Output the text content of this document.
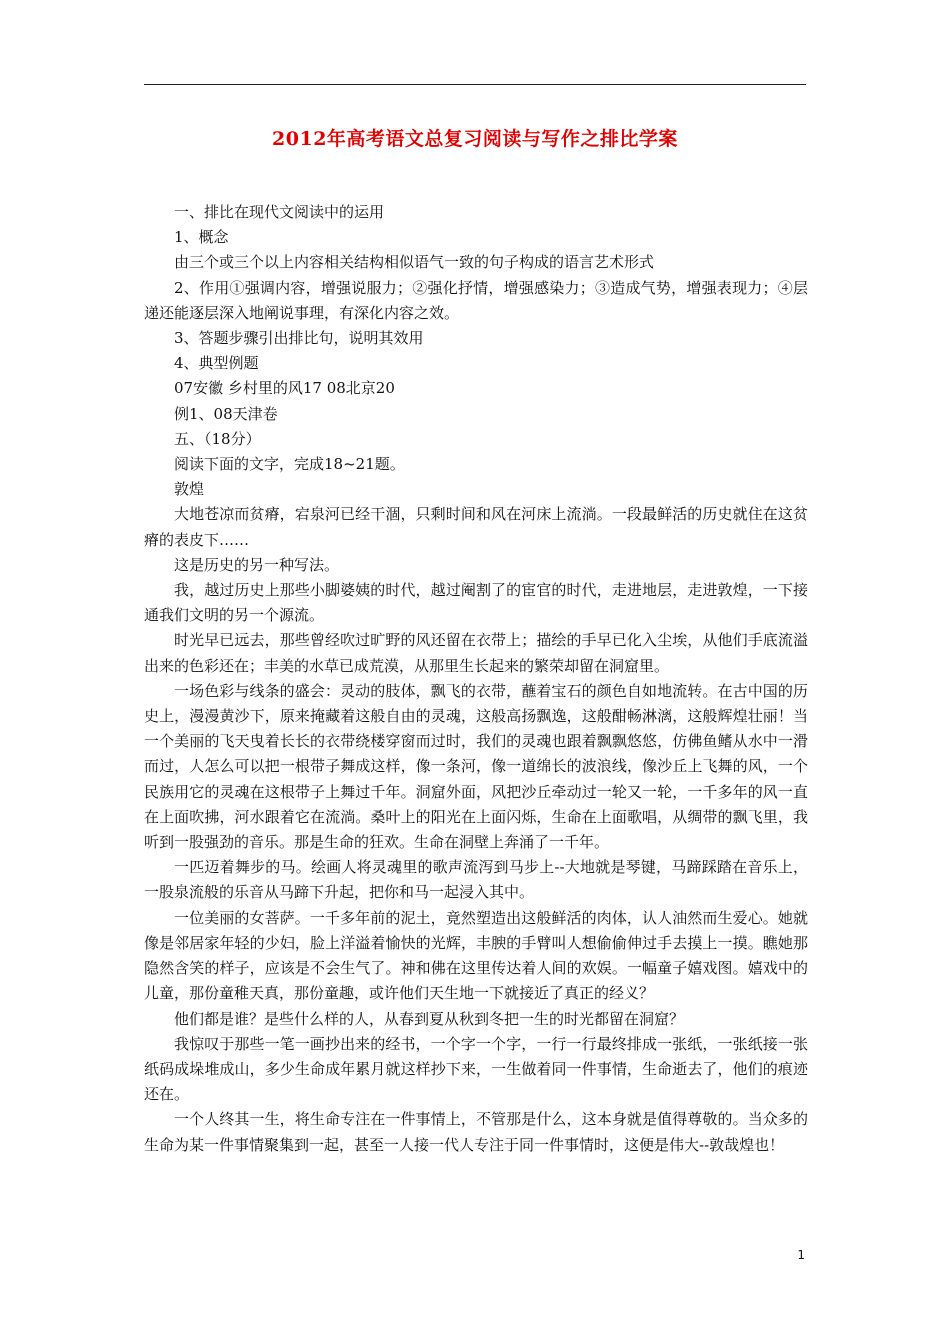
2012年高考语文总复习阅读与写作之排比学案

一、排比在现代文阅读中的运用

1、概念

由三个或三个以上内容相关结构相似语气一致的句子构成的语言艺术形式

2、作用①强调内容，增强说服力；②强化抒情，增强感染力；③造成气势，增强表现力；④层递还能逐层深入地阐说事理，有深化内容之效。

3、答题步骤引出排比句，说明其效用

4、典型例题

07安徽 乡村里的风17 08北京20

例1、08天津卷

五、（18分）

阅读下面的文字，完成18~21题。

敦煌

大地苍凉而贫瘠，宕泉河已经干涸，只剩时间和风在河床上流淌。一段最鲜活的历史就住在这贫瘠的表皮下……

这是历史的另一种写法。

我，越过历史上那些小脚婆姨的时代，越过阉割了的宦官的时代，走进地层，走进敦煌，一下接通我们文明的另一个源流。

时光早已远去，那些曾经吹过旷野的风还留在衣带上；描绘的手早已化入尘埃，从他们手底流溢出来的色彩还在；丰美的水草已成荒漠，从那里生长起来的繁荣却留在洞窟里。

一场色彩与线条的盛会：灵动的肢体，飘飞的衣带，蘸着宝石的颜色自如地流转。在古中国的历史上，漫漫黄沙下，原来掩藏着这般自由的灵魂，这般高扬飘逸，这般酣畅淋漓，这般辉煌壮丽！当一个美丽的飞天曳着长长的衣带绕楼穿窗而过时，我们的灵魂也跟着飘飘悠悠，仿佛鱼鳍从水中一滑而过，人怎么可以把一根带子舞成这样，像一条河，像一道绵长的波浪线，像沙丘上飞舞的风，一个民族用它的灵魂在这根带子上舞过千年。洞窟外面，风把沙丘牵动过一轮又一轮，一千多年的风一直在上面吹拂，河水跟着它在流淌。桑叶上的阳光在上面闪烁，生命在上面歌唱，从绸带的飘飞里，我听到一股强劲的音乐。那是生命的狂欢。生命在洞壁上奔涌了一千年。

一匹迈着舞步的马。绘画人将灵魂里的歌声流泻到马步上--大地就是琴键，马蹄踩踏在音乐上，一股泉流般的乐音从马蹄下升起，把你和马一起浸入其中。

一位美丽的女菩萨。一千多年前的泥土，竟然塑造出这般鲜活的肉体，认人油然而生爱心。她就像是邻居家年轻的少妇，脸上洋溢着愉快的光辉，丰腴的手臂叫人想偷偷伸过手去摸上一摸。瞧她那隐然含笑的样子，应该是不会生气了。神和佛在这里传达着人间的欢娱。一幅童子嬉戏图。嬉戏中的儿童，那份童稚天真，那份童趣，或许他们天生地一下就接近了真正的经义？

他们都是谁？是些什么样的人，从春到夏从秋到冬把一生的时光都留在洞窟？

我惊叹于那些一笔一画抄出来的经书，一个字一个字，一行一行最终排成一张纸，一张纸接一张纸码成垛堆成山，多少生命成年累月就这样抄下来，一生做着同一件事情，生命逝去了，他们的痕迹还在。

一个人终其一生，将生命专注在一件事情上，不管那是什么，这本身就是值得尊敬的。当众多的生命为某一件事情聚集到一起，甚至一人接一代人专注于同一件事情时，这便是伟大--敦哉煌也！

1
